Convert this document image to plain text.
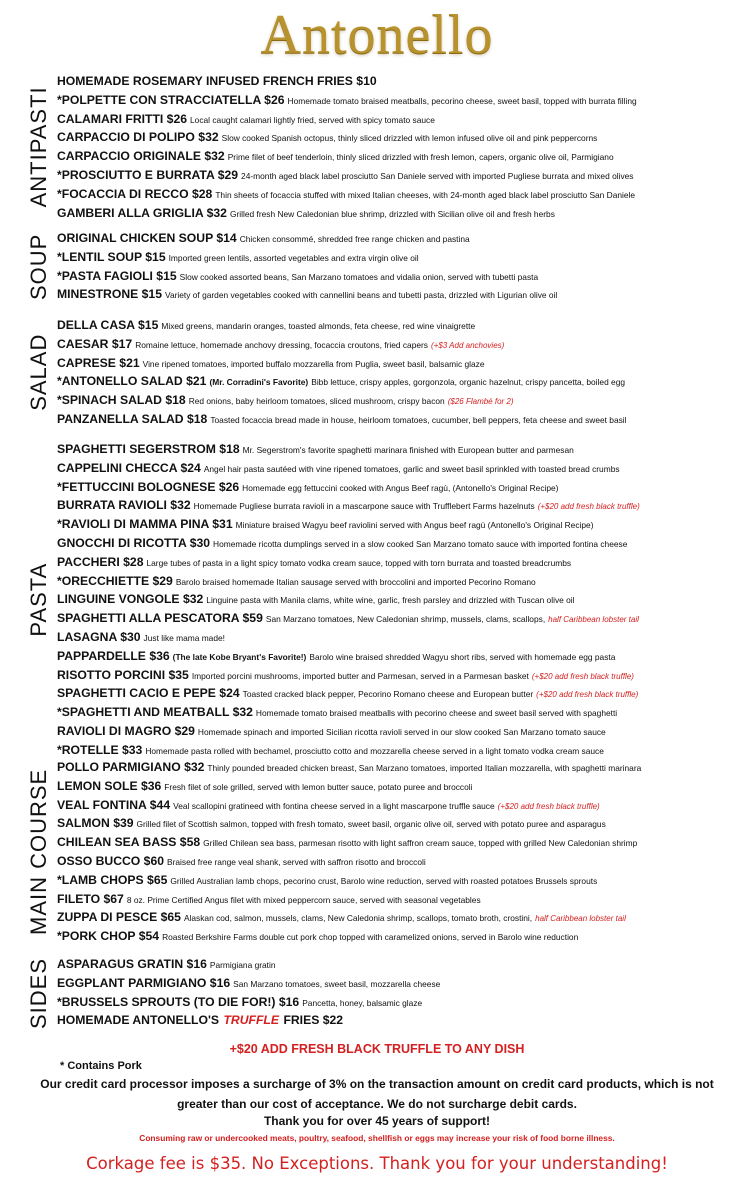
Antonello
ANTIPASTI
HOMEMADE ROSEMARY INFUSED FRENCH FRIES $10
*POLPETTE CON STRACCIATELLA $26 Homemade tomato braised meatballs, pecorino cheese, sweet basil, topped with burrata filling
CALAMARI FRITTI $26 Local caught calamari lightly fried, served with spicy tomato sauce
CARPACCIO DI POLIPO $32 Slow cooked Spanish octopus, thinly sliced drizzled with lemon infused olive oil and pink peppercorns
CARPACCIO ORIGINALE $32 Prime filet of beef tenderloin, thinly sliced drizzled with fresh lemon, capers, organic olive oil, Parmigiano
*PROSCIUTTO E BURRATA $29 24-month aged black label prosciutto San Daniele served with imported Pugliese burrata and mixed olives
*FOCACCIA DI RECCO $28 Thin sheets of focaccia stuffed with mixed Italian cheeses, with 24-month aged black label prosciutto San Daniele
GAMBERI ALLA GRIGLIA $32 Grilled fresh New Caledonian blue shrimp, drizzled with Sicilian olive oil and fresh herbs
SOUP ORIGINAL CHICKEN SOUP $14 Chicken consommé, shredded free range chicken and pastina
*LENTIL SOUP $15 Imported green lentils, assorted vegetables and extra virgin olive oil
*PASTA FAGIOLI $15 Slow cooked assorted beans, San Marzano tomatoes and vidalia onion, served with tubetti pasta
MINESTRONE $15 Variety of garden vegetables cooked with cannellini beans and tubetti pasta, drizzled with Ligurian olive oil
SALAD
DELLA CASA $15 Mixed greens, mandarin oranges, toasted almonds, feta cheese, red wine vinaigrette
CAESAR $17 Romaine lettuce, homemade anchovy dressing, focaccia croutons, fried capers (+$3 Add anchovies)
CAPRESE $21 Vine ripened tomatoes, imported buffalo mozzarella from Puglia, sweet basil, balsamic glaze
*ANTONELLO SALAD $21 (Mr. Corradini's Favorite) Bibb lettuce, crispy apples, gorgonzola, organic hazelnut, crispy pancetta, boiled egg
*SPINACH SALAD $18 Red onions, baby heirloom tomatoes, sliced mushroom, crispy bacon ($26 Flambé for 2)
PANZANELLA SALAD $18 Toasted focaccia bread made in house, heirloom tomatoes, cucumber, bell peppers, feta cheese and sweet basil
PASTA
SPAGHETTI SEGERSTROM $18 Mr. Segerstrom's favorite spaghetti marinara finished with European butter and parmesan
CAPPELINI CHECCA $24 Angel hair pasta sautéed with vine ripened tomatoes, garlic and sweet basil sprinkled with toasted bread crumbs
*FETTUCCINI BOLOGNESE $26 Homemade egg fettuccini cooked with Angus Beef ragù, (Antonello's Original Recipe)
BURRATA RAVIOLI $32 Homemade Pugliese burrata ravioli in a mascarpone sauce with Trufflebert Farms hazelnuts (+$20 add fresh black truffle)
*RAVIOLI DI MAMMA PINA $31 Miniature braised Wagyu beef raviolini served with Angus beef ragù (Antonello's Original Recipe)
GNOCCHI DI RICOTTA $30 Homemade ricotta dumplings served in a slow cooked San Marzano tomato sauce with imported fontina cheese
PACCHERI $28 Large tubes of pasta in a light spicy tomato vodka cream sauce, topped with torn burrata and toasted breadcrumbs
*ORECCHIETTE $29 Barolo braised homemade Italian sausage served with broccolini and imported Pecorino Romano
LINGUINE VONGOLE $32 Linguine pasta with Manila clams, white wine, garlic, fresh parsley and drizzled with Tuscan olive oil
SPAGHETTI ALLA PESCATORA $59 San Marzano tomatoes, New Caledonian shrimp, mussels, clams, scallops, half Caribbean lobster tail
LASAGNA $30 Just like mama made!
PAPPARDELLE $36 (The late Kobe Bryant's Favorite!) Barolo wine braised shredded Wagyu short ribs, served with homemade egg pasta
RISOTTO PORCINI $35 Imported porcini mushrooms, imported butter and Parmesan, served in a Parmesan basket (+$20 add fresh black truffle)
SPAGHETTI CACIO E PEPE $24 Toasted cracked black pepper, Pecorino Romano cheese and European butter (+$20 add fresh black truffle)
*SPAGHETTI AND MEATBALL $32 Homemade tomato braised meatballs with pecorino cheese and sweet basil served with spaghetti
RAVIOLI DI MAGRO $29 Homemade spinach and imported Sicilian ricotta ravioli served in our slow cooked San Marzano tomato sauce
*ROTELLE $33 Homemade pasta rolled with bechamel, prosciutto cotto and mozzarella cheese served in a light tomato vodka cream sauce
MAIN COURSE
POLLO PARMIGIANO $32 Thinly pounded breaded chicken breast, San Marzano tomatoes, imported Italian mozzarella, with spaghetti marinara
LEMON SOLE $36 Fresh filet of sole grilled, served with lemon butter sauce, potato puree and broccoli
VEAL FONTINA $44 Veal scallopini gratineed with fontina cheese served in a light mascarpone truffle sauce (+$20 add fresh black truffle)
SALMON $39 Grilled filet of Scottish salmon, topped with fresh tomato, sweet basil, organic olive oil, served with potato puree and asparagus
CHILEAN SEA BASS $58 Grilled Chilean sea bass, parmesan risotto with light saffron cream sauce, topped with grilled New Caledonian shrimp
OSSO BUCCO $60 Braised free range veal shank, served with saffron risotto and broccoli
*LAMB CHOPS $65 Grilled Australian lamb chops, pecorino crust, Barolo wine reduction, served with roasted potatoes Brussels sprouts
FILETO $67 8 oz. Prime Certified Angus filet with mixed peppercorn sauce, served with seasonal vegetables
ZUPPA DI PESCE $65 Alaskan cod, salmon, mussels, clams, New Caledonia shrimp, scallops, tomato broth, crostini, half Caribbean lobster tail
*PORK CHOP $54 Roasted Berkshire Farms double cut pork chop topped with caramelized onions, served in Barolo wine reduction
SIDES ASPARAGUS GRATIN $16 Parmigiana gratin
EGGPLANT PARMIGIANO $16 San Marzano tomatoes, sweet basil, mozzarella cheese
*BRUSSELS SPROUTS (TO DIE FOR!) $16 Pancetta, honey, balsamic glaze
HOMEMADE ANTONELLO'S TRUFFLE FRIES $22
+$20 ADD FRESH BLACK TRUFFLE TO ANY DISH
* Contains Pork
Our credit card processor imposes a surcharge of 3% on the transaction amount on credit card products, which is not greater than our cost of acceptance. We do not surcharge debit cards.
Thank you for over 45 years of support!
Consuming raw or undercooked meats, poultry, seafood, shellfish or eggs may increase your risk of food borne illness.
Corkage fee is $35. No Exceptions. Thank you for your understanding!
